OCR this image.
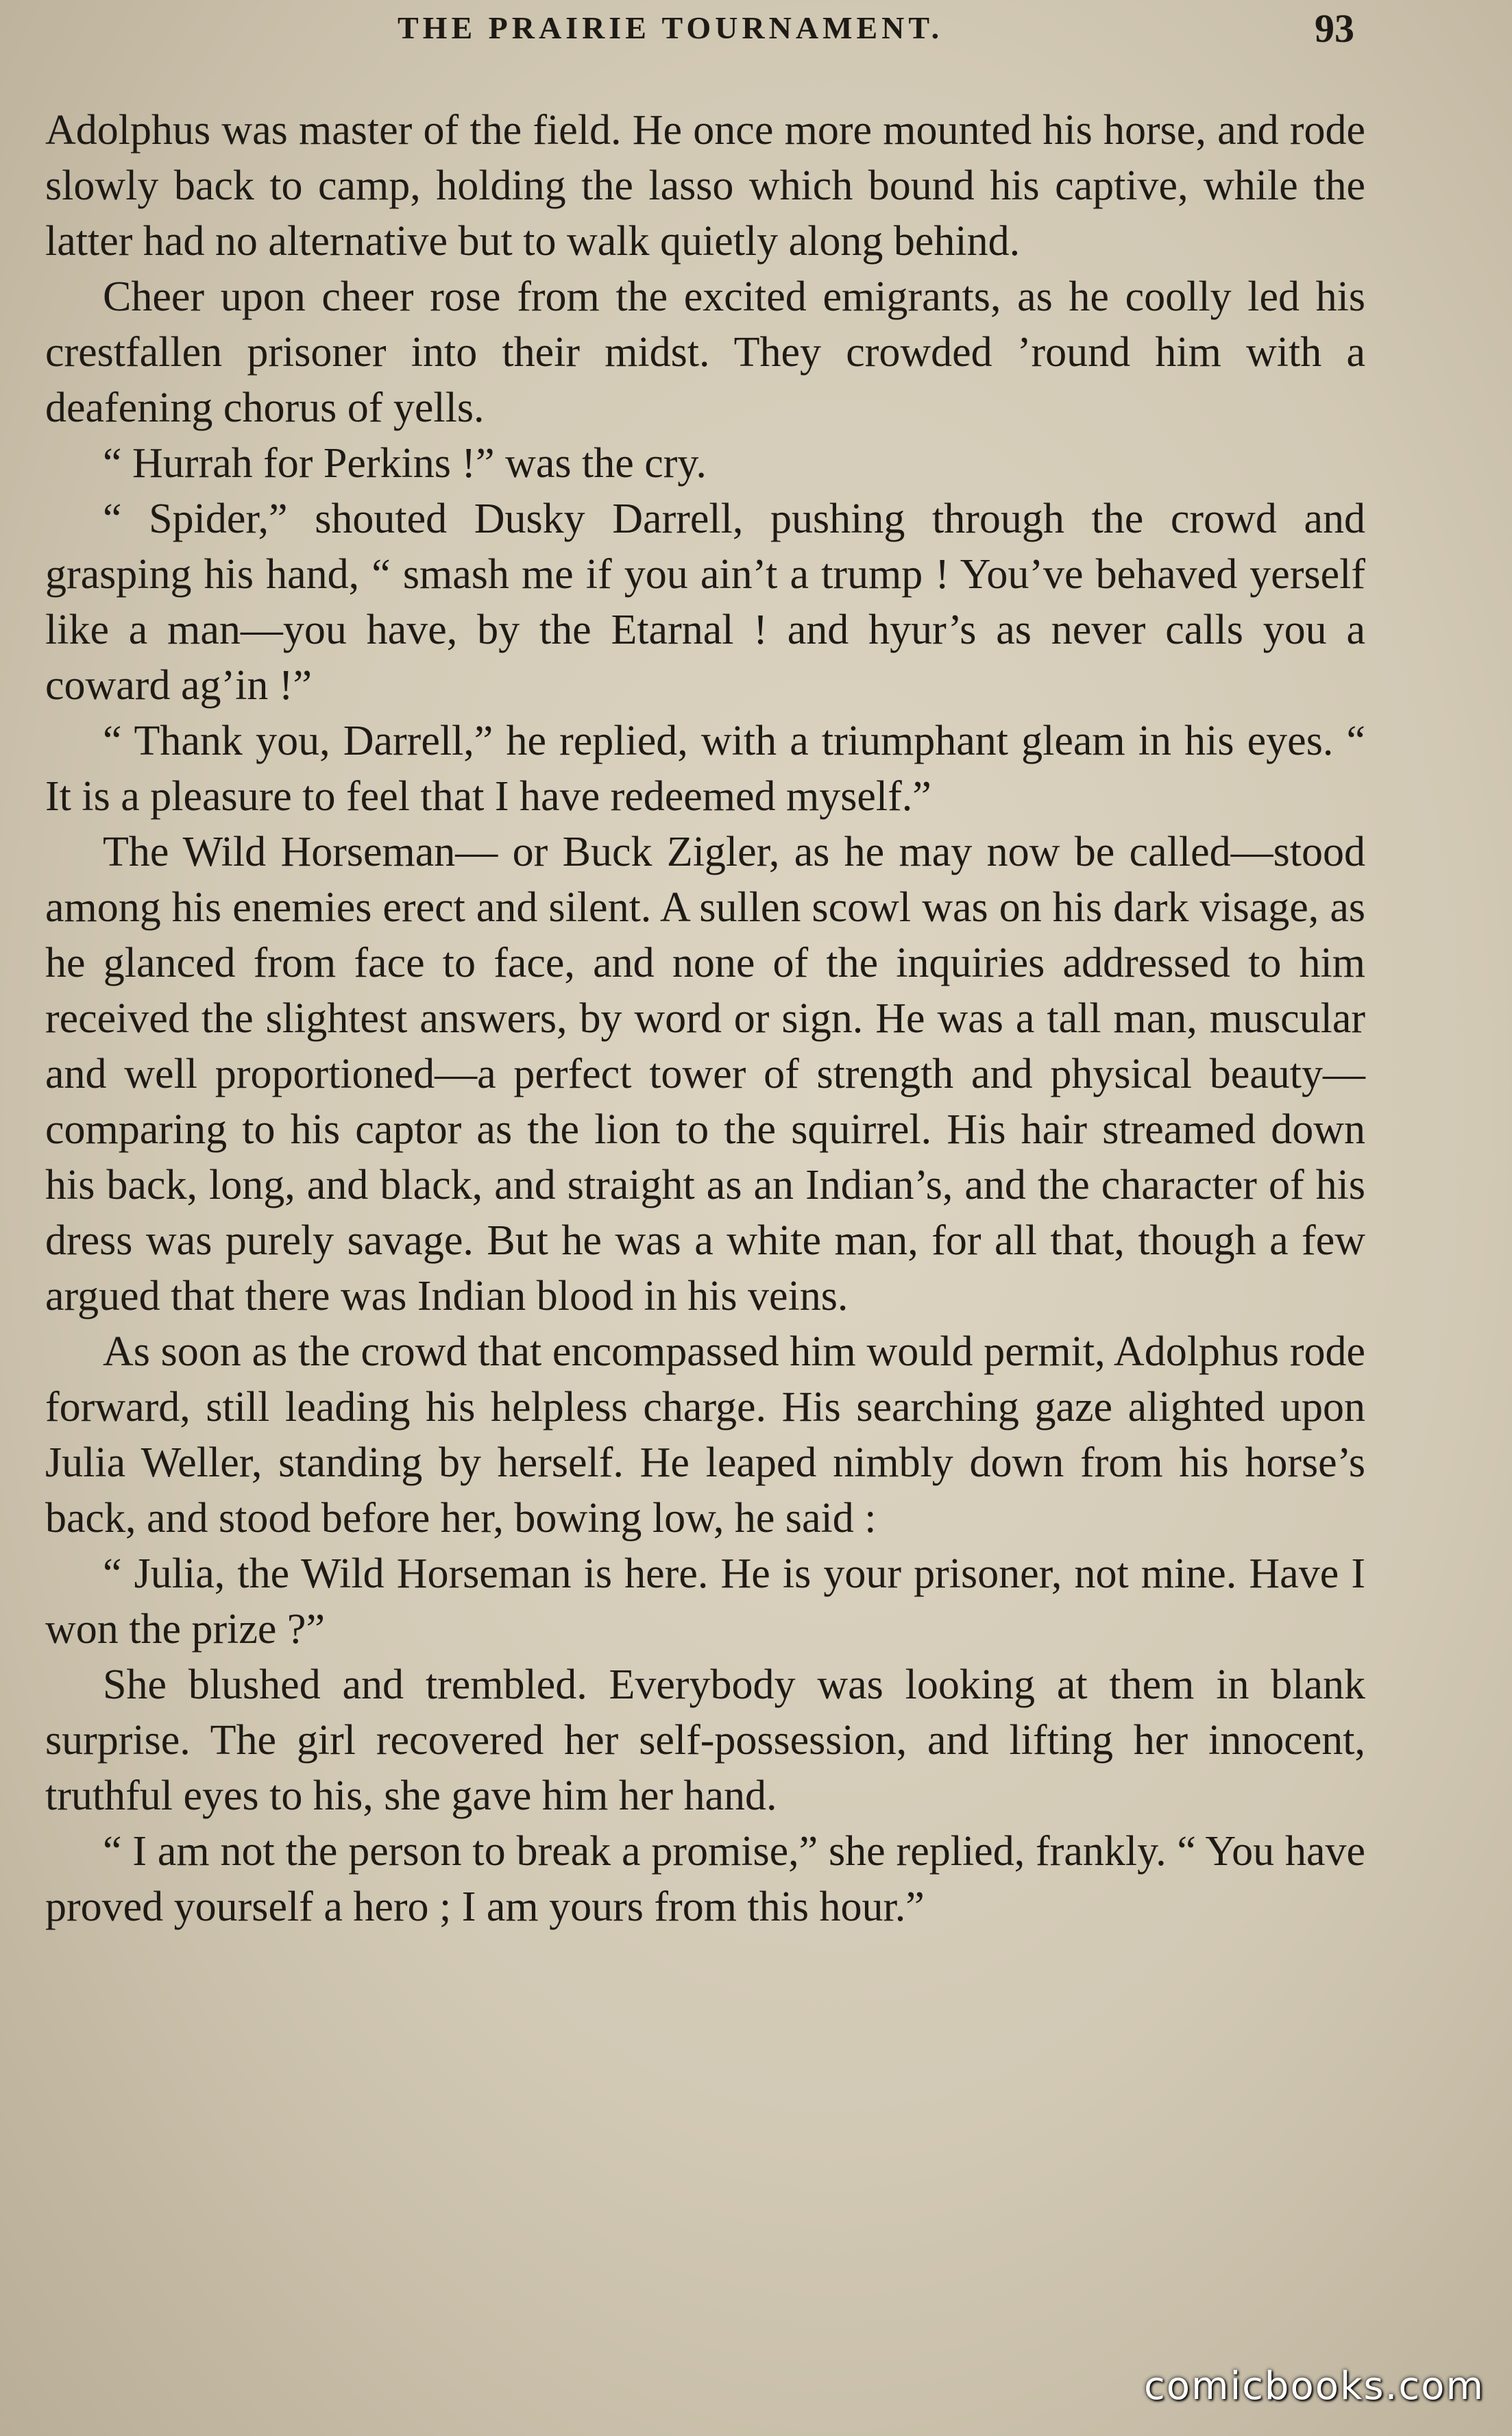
THE PRAIRIE TOURNAMENT.	93

Adolphus was master of the field. He once more mounted his horse, and rode slowly back to camp, holding the lasso which bound his captive, while the latter had no alternative but to walk quietly along behind.

Cheer upon cheer rose from the excited emigrants, as he coolly led his crestfallen prisoner into their midst. They crowded ’round him with a deafening chorus of yells.

“ Hurrah for Perkins !” was the cry.

“ Spider,” shouted Dusky Darrell, pushing through the crowd and grasping his hand, “ smash me if you ain’t a trump ! You’ve behaved yerself like a man—you have, by the Etarnal ! and hyur’s as never calls you a coward ag’in !”

“ Thank you, Darrell,” he replied, with a triumphant gleam in his eyes. “ It is a pleasure to feel that I have redeemed myself.”

The Wild Horseman— or Buck Zigler, as he may now be called—stood among his enemies erect and silent. A sullen scowl was on his dark visage, as he glanced from face to face, and none of the inquiries addressed to him received the slightest answers, by word or sign. He was a tall man, muscular and well proportioned—a perfect tower of strength and physical beauty—comparing to his captor as the lion to the squirrel. His hair streamed down his back, long, and black, and straight as an Indian’s, and the character of his dress was purely savage. But he was a white man, for all that, though a few argued that there was Indian blood in his veins.

As soon as the crowd that encompassed him would permit, Adolphus rode forward, still leading his helpless charge. His searching gaze alighted upon Julia Weller, standing by herself. He leaped nimbly down from his horse’s back, and stood before her, bowing low, he said :

“ Julia, the Wild Horseman is here. He is your prisoner, not mine. Have I won the prize ?”

She blushed and trembled. Everybody was looking at them in blank surprise. The girl recovered her self-possession, and lifting her innocent, truthful eyes to his, she gave him her hand.

“ I am not the person to break a promise,” she replied, frankly. “ You have proved yourself a hero ; I am yours from this hour.”

comicbooks.com
